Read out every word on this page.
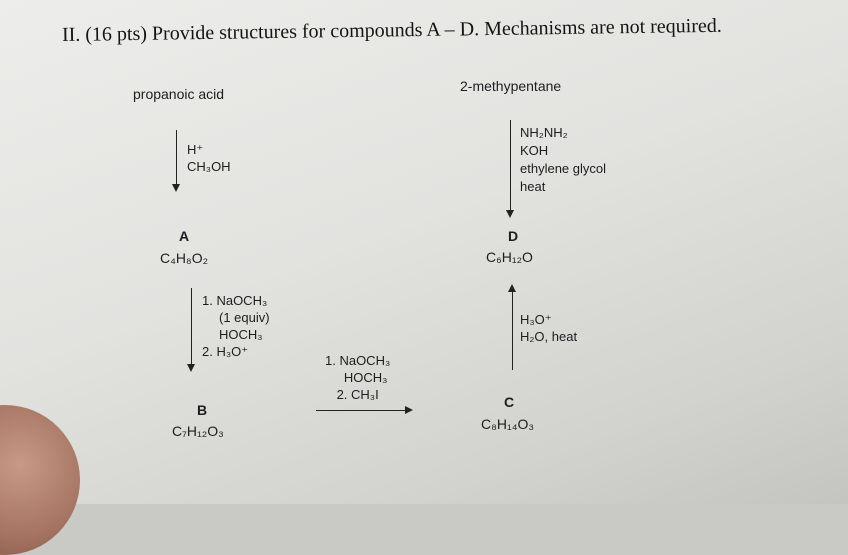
II. (16 pts) Provide structures for compounds A – D. Mechanisms are not required.
propanoic acid
H⁺
CH₃OH
A
C₄H₈O₂
1. NaOCH₃
(1 equiv)
HOCH₃
2. H₃O⁺
B
C₇H₁₂O₃
1. NaOCH₃
HOCH₃
2. CH₃I
2-methypentane
NH₂NH₂
KOH
ethylene glycol
heat
D
C₆H₁₂O
H₃O⁺
H₂O, heat
C
C₈H₁₄O₃
